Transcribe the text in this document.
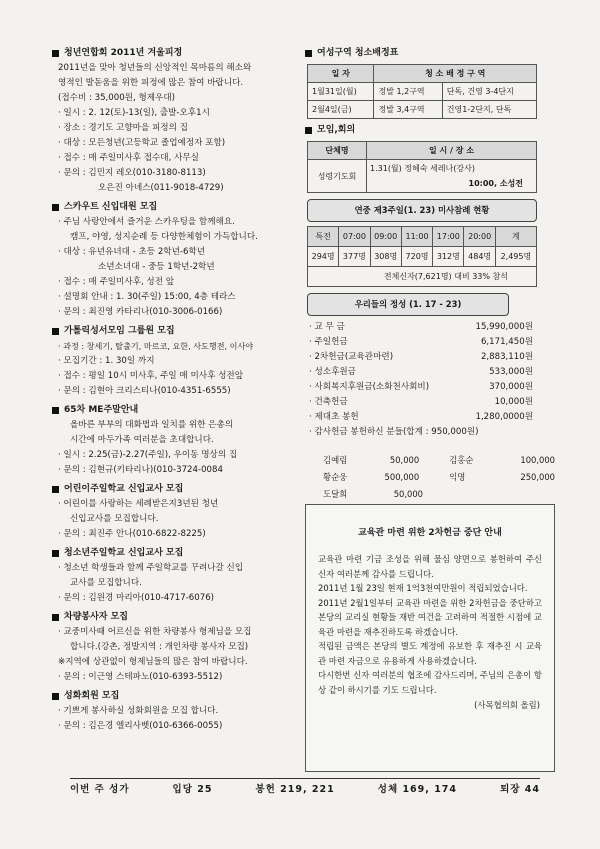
청년연합회 2011년 겨울피정
2011년을 맞아 청년들의 신앙적인 목마름의 해소와
영적인 발돋움을 위한 피정에 많은 참여 바랍니다.
(접수비 : 35,000원, 형제우대)
· 일시 : 2. 12(토)-13(일), 출발-오후1시
· 장소 : 경기도 고향마을 피정의 집
· 대상 : 모든청년(고등학교 졸업예정자 포함)
· 접수 : 매 주일미사후 접수대, 사무실
· 문의 : 김민지 레오(010-3180-8113)
오은진 아녜스(011-9018-4729)
스카우트 신입대원 모집
· 주님 사랑안에서 즐거운 스카우팅을 함께해요.
캠프, 야영, 성지순례 등 다양한체험이 가득합니다.
· 대상 : 유년유녀대 - 초등 2학년-6학년
소년소녀대 - 중등 1학년-2학년
· 접수 : 매 주일미사후, 성전 앞
· 설명회 안내 : 1. 30(주일) 15:00, 4층 테라스
· 문의 : 최진영 카타리나(010-3006-0166)
가톨릭성서모임 그룹원 모집
· 과정 : 창세기, 탈출기, 마르코, 요한, 사도행전, 이사야
· 모집기간 : 1. 30일 까지
· 접수 : 평일 10시 미사후, 주일 매 미사후 성전앞
· 문의 : 김현아 크리스티나(010-4351-6555)
65차 ME주말안내
올바른 부부의 대화법과 일치를 위한 은총의
시간에 마두가족 여러분을 초대합니다.
· 일시 : 2.25(금)-2.27(주일), 우이동 명상의 집
· 문의 : 김현규(키타리나)(010-3724-0084
어린이주일학교 신입교사 모집
· 어린이를 사랑하는 세례받은지3년된 청년
신입교사를 모집합니다.
· 문의 : 최진주 안나(010-6822-8225)
청소년주일학교 신입교사 모집
· 청소년 학생들과 함께 주일학교를 꾸려나갈 신입
교사를 모집합니다.
· 문의 : 김원경 마리아(010-4717-6076)
차량봉사자 모집
· 교중미사때 어르신을 위한 차량봉사 형제님을 모집
합니다.(강촌, 정발지역 : 개인차량 봉사자 모집)
※지역에 상관없이 형제님들의 많은 참여 바랍니다.
· 문의 : 이근영 스테파노(010-6393-5512)
성화회원 모집
· 기쁘게 봉사하실 성화회원을 모집 합니다.
· 문의 : 김은경 엘리사벳(010-6366-0055)
여성구역 청소배정표
일 자	청 소 배 정 구 역	
1월31일(월)	정발 1,2구역	단독, 건영 3-4단지
2월4일(금)	정발 3,4구역	건영1-2단지, 단독
모임,회의
단체명	일 시 / 장 소
성령기도회	1.31(월) 정혜숙 세레나(강사)
10:00, 소성전
연중 제3주일(1. 23) 미사참례 현황
특전	07:00	09:00	11:00	17:00	20:00	계
294명	377명	308명	720명	312명	484명	2,495명
전체신자(7,621명) 대비 33% 참석						
우리들의 정성 (1. 17 - 23)
· 교 무 금	15,990,000원
· 주일헌금	6,171,450원
· 2차헌금(교육관마련)	2,883,110원
· 성소후원금	533,000원
· 사회복지후원금(소화천사회비)	370,000원
· 건축헌금	10,000원
· 제대초 봉헌	1,280,0000원
· 감사헌금 봉헌하신 분들(합계 : 950,000원)
김예림	50,000	김홍순	100,000
황순웅	500,000	익명	250,000
도달희	50,000
교육관 마련 위한 2차헌금 중단 안내
교육관 마련 기금 조성을 위해 물심 양면으로 봉헌하여 주신 신자 여러분께 감사를 드립니다.
2011년 1월 23일 현재 1억3천여만원이 적립되었습니다.
2011년 2월1일부터 교육관 마련을 위한 2차헌금을 중단하고 본당의 교리실 현황들 재반 여건을 고려하여 적절한 시점에 교육관 마련을 재추진하도록 하겠습니다.
적립된 금액은 본당의 별도 계정에 유보한 후 재추진 시 교육관 마련 자금으로 유용하게 사용하겠습니다.
다시한번 신자 여러분의 협조에 감사드리며, 주님의 은총이 항상 같이 하시기를 기도 드립니다.
(사목협의회 올림)
이번 주 성가	입당 25	봉헌 219, 221	성체 169, 174	퇴장 44
